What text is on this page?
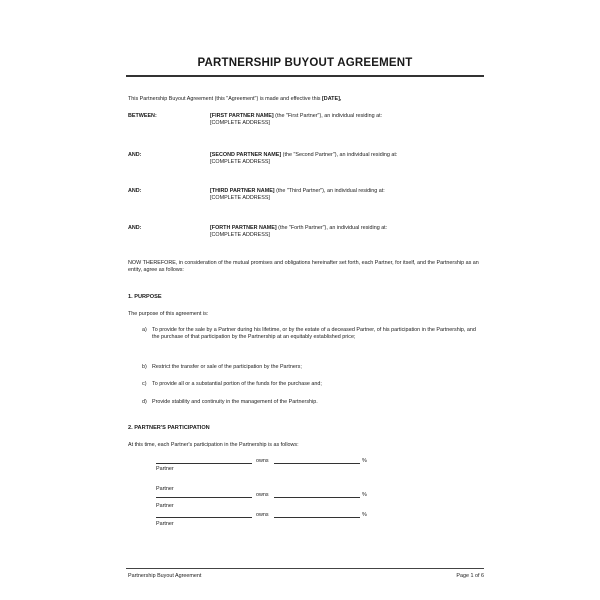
PARTNERSHIP BUYOUT AGREEMENT
This Partnership Buyout Agreement (this "Agreement") is made and effective this [DATE],
BETWEEN:	[FIRST PARTNER NAME] (the "First Partner"), an individual residing at:
[COMPLETE ADDRESS]
AND:	[SECOND PARTNER NAME] (the "Second Partner"), an individual residing at:
[COMPLETE ADDRESS]
AND:	[THIRD PARTNER NAME] (the "Third Partner"), an individual residing at:
[COMPLETE ADDRESS]
AND:	[FORTH PARTNER NAME] (the "Forth Partner"), an individual residing at:
[COMPLETE ADDRESS]
NOW THEREFORE, in consideration of the mutual promises and obligations hereinafter set forth, each Partner, for itself, and the Partnership as an entity, agree as follows:
1. PURPOSE
The purpose of this agreement is:
a) To provide for the sale by a Partner during his lifetime, or by the estate of a deceased Partner, of his participation in the Partnership, and the purchase of that participation by the Partnership at an equitably established price;
b) Restrict the transfer or sale of the participation by the Partners;
c) To provide all or a substantial portion of the funds for the purchase and;
d) Provide stability and continuity in the management of the Partnership.
2. PARTNER'S PARTICIPATION
At this time, each Partner's participation in the Partnership is as follows:
owns	%
Partner
owns	%
Partner
Partner
owns	%
Partner
Partnership Buyout Agreement	Page 1 of 6
